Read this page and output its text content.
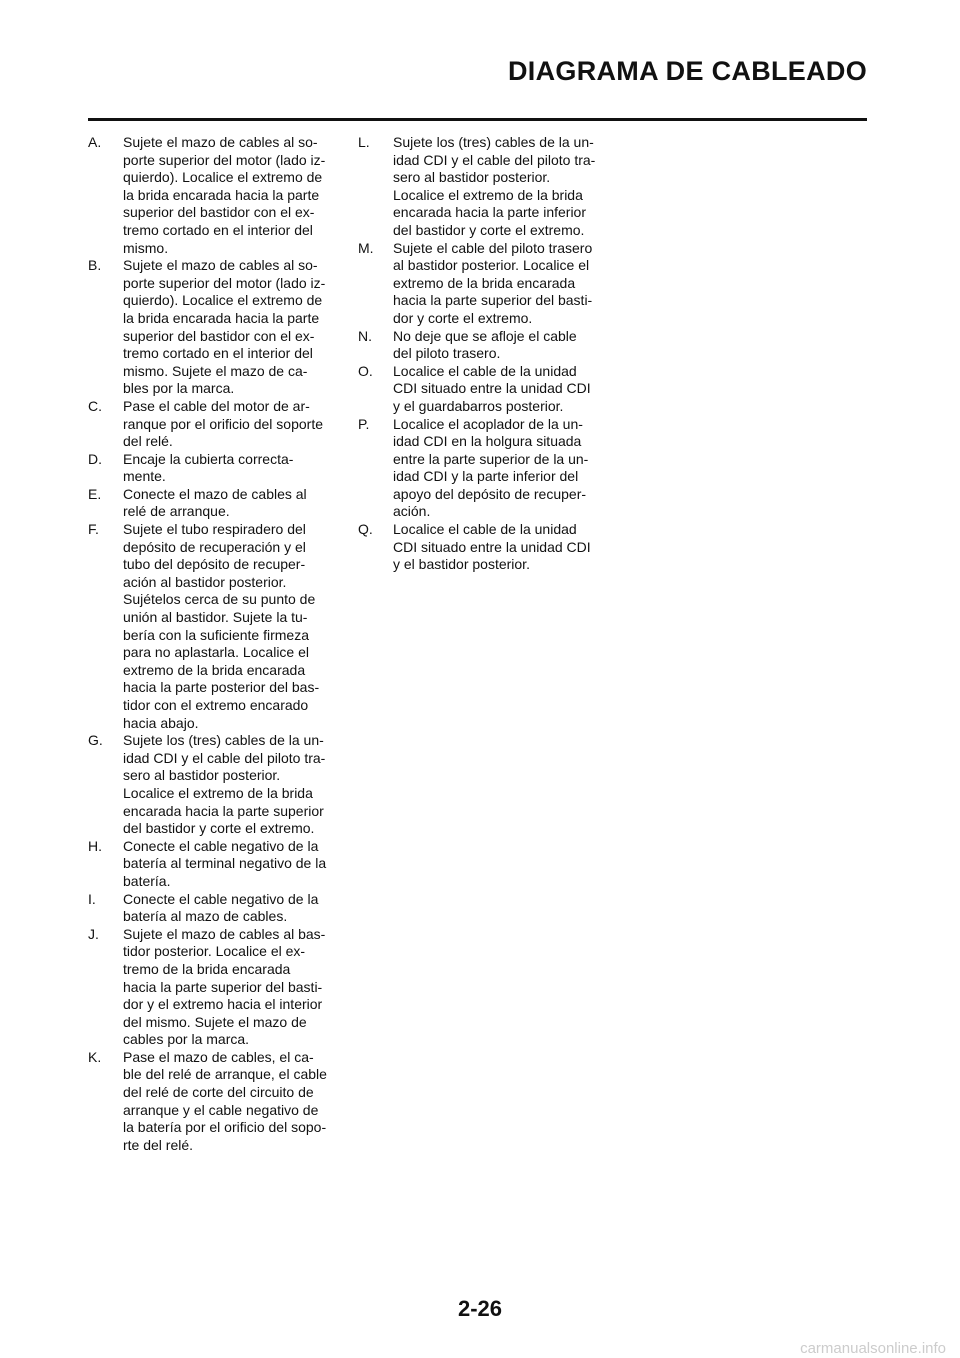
DIAGRAMA DE CABLEADO
A.	Sujete el mazo de cables al so-
porte superior del motor (lado iz-
quierdo). Localice el extremo de
la brida encarada hacia la parte
superior del bastidor con el ex-
tremo cortado en el interior del
mismo.
B.	Sujete el mazo de cables al so-
porte superior del motor (lado iz-
quierdo). Localice el extremo de
la brida encarada hacia la parte
superior del bastidor con el ex-
tremo cortado en el interior del
mismo. Sujete el mazo de ca-
bles por la marca.
C.	Pase el cable del motor de ar-
ranque por el orificio del soporte
del relé.
D.	Encaje la cubierta correcta-
mente.
E.	Conecte el mazo de cables al
relé de arranque.
F.	Sujete el tubo respiradero del
depósito de recuperación y el
tubo del depósito de recuper-
ación al bastidor posterior.
Sujételos cerca de su punto de
unión al bastidor. Sujete la tu-
bería con la suficiente firmeza
para no aplastarla. Localice el
extremo de la brida encarada
hacia la parte posterior del bas-
tidor con el extremo encarado
hacia abajo.
G.	Sujete los (tres) cables de la un-
idad CDI y el cable del piloto tra-
sero al bastidor posterior.
Localice el extremo de la brida
encarada hacia la parte superior
del bastidor y corte el extremo.
H.	Conecte el cable negativo de la
batería al terminal negativo de la
batería.
I.	Conecte el cable negativo de la
batería al mazo de cables.
J.	Sujete el mazo de cables al bas-
tidor posterior. Localice el ex-
tremo de la brida encarada
hacia la parte superior del basti-
dor y el extremo hacia el interior
del mismo. Sujete el mazo de
cables por la marca.
K.	Pase el mazo de cables, el ca-
ble del relé de arranque, el cable
del relé de corte del circuito de
arranque y el cable negativo de
la batería por el orificio del sopo-
rte del relé.
L.	Sujete los (tres) cables de la un-
idad CDI y el cable del piloto tra-
sero al bastidor posterior.
Localice el extremo de la brida
encarada hacia la parte inferior
del bastidor y corte el extremo.
M.	Sujete el cable del piloto trasero
al bastidor posterior. Localice el
extremo de la brida encarada
hacia la parte superior del basti-
dor y corte el extremo.
N.	No deje que se afloje el cable
del piloto trasero.
O.	Localice el cable de la unidad
CDI situado entre la unidad CDI
y el guardabarros posterior.
P.	Localice el acoplador de la un-
idad CDI en la holgura situada
entre la parte superior de la un-
idad CDI y la parte inferior del
apoyo del depósito de recuper-
ación.
Q.	Localice el cable de la unidad
CDI situado entre la unidad CDI
y el bastidor posterior.
2-26
carmanualsonline.info
